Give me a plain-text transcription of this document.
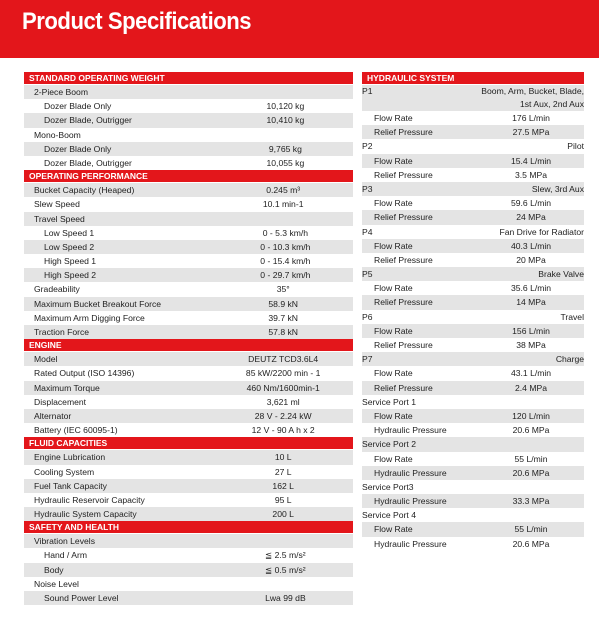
Product Specifications
STANDARD OPERATING WEIGHT
2-Piece Boom
Dozer Blade Only	10,120 kg
Dozer Blade, Outrigger	10,410 kg
Mono-Boom
Dozer Blade Only	9,765 kg
Dozer Blade, Outrigger	10,055 kg
OPERATING PERFORMANCE
Bucket Capacity (Heaped)	0.245 m³
Slew Speed	10.1 min-1
Travel Speed
Low Speed 1	0 - 5.3 km/h
Low Speed 2	0 - 10.3 km/h
High Speed 1	0 - 15.4 km/h
High Speed 2	0 - 29.7 km/h
Gradeability	35°
Maximum Bucket Breakout Force	58.9 kN
Maximum Arm Digging Force	39.7 kN
Traction Force	57.8 kN
ENGINE
Model	DEUTZ TCD3.6L4
Rated Output (ISO 14396)	85 kW/2200 min - 1
Maximum Torque	460 Nm/1600min-1
Displacement	3,621 ml
Alternator	28 V - 2.24 kW
Battery (IEC 60095-1)	12 V - 90 A h x 2
FLUID CAPACITIES
Engine Lubrication	10 L
Cooling System	27 L
Fuel Tank Capacity	162 L
Hydraulic Reservoir Capacity	95 L
Hydraulic System Capacity	200 L
SAFETY AND HEALTH
Vibration Levels
Hand / Arm	≦ 2.5 m/s²
Body	≦ 0.5 m/s²
Noise Level
Sound Power Level	Lwa 99 dB
HYDRAULIC SYSTEM
P1	Boom, Arm, Bucket, Blade, 1st Aux, 2nd Aux
Flow Rate	176 L/min
Relief Pressure	27.5 MPa
P2	Pilot
Flow Rate	15.4 L/min
Relief Pressure	3.5 MPa
P3	Slew, 3rd Aux
Flow Rate	59.6 L/min
Relief Pressure	24 MPa
P4	Fan Drive for Radiator
Flow Rate	40.3 L/min
Relief Pressure	20 MPa
P5	Brake Valve
Flow Rate	35.6 L/min
Relief Pressure	14 MPa
P6	Travel
Flow Rate	156 L/min
Relief Pressure	38 MPa
P7	Charge
Flow Rate	43.1 L/min
Relief Pressure	2.4 MPa
Service Port 1
Flow Rate	120 L/min
Hydraulic Pressure	20.6 MPa
Service Port 2
Flow Rate	55 L/min
Hydraulic Pressure	20.6 MPa
Service Port3
Hydraulic Pressure	33.3 MPa
Service Port 4
Flow Rate	55 L/min
Hydraulic Pressure	20.6 MPa
